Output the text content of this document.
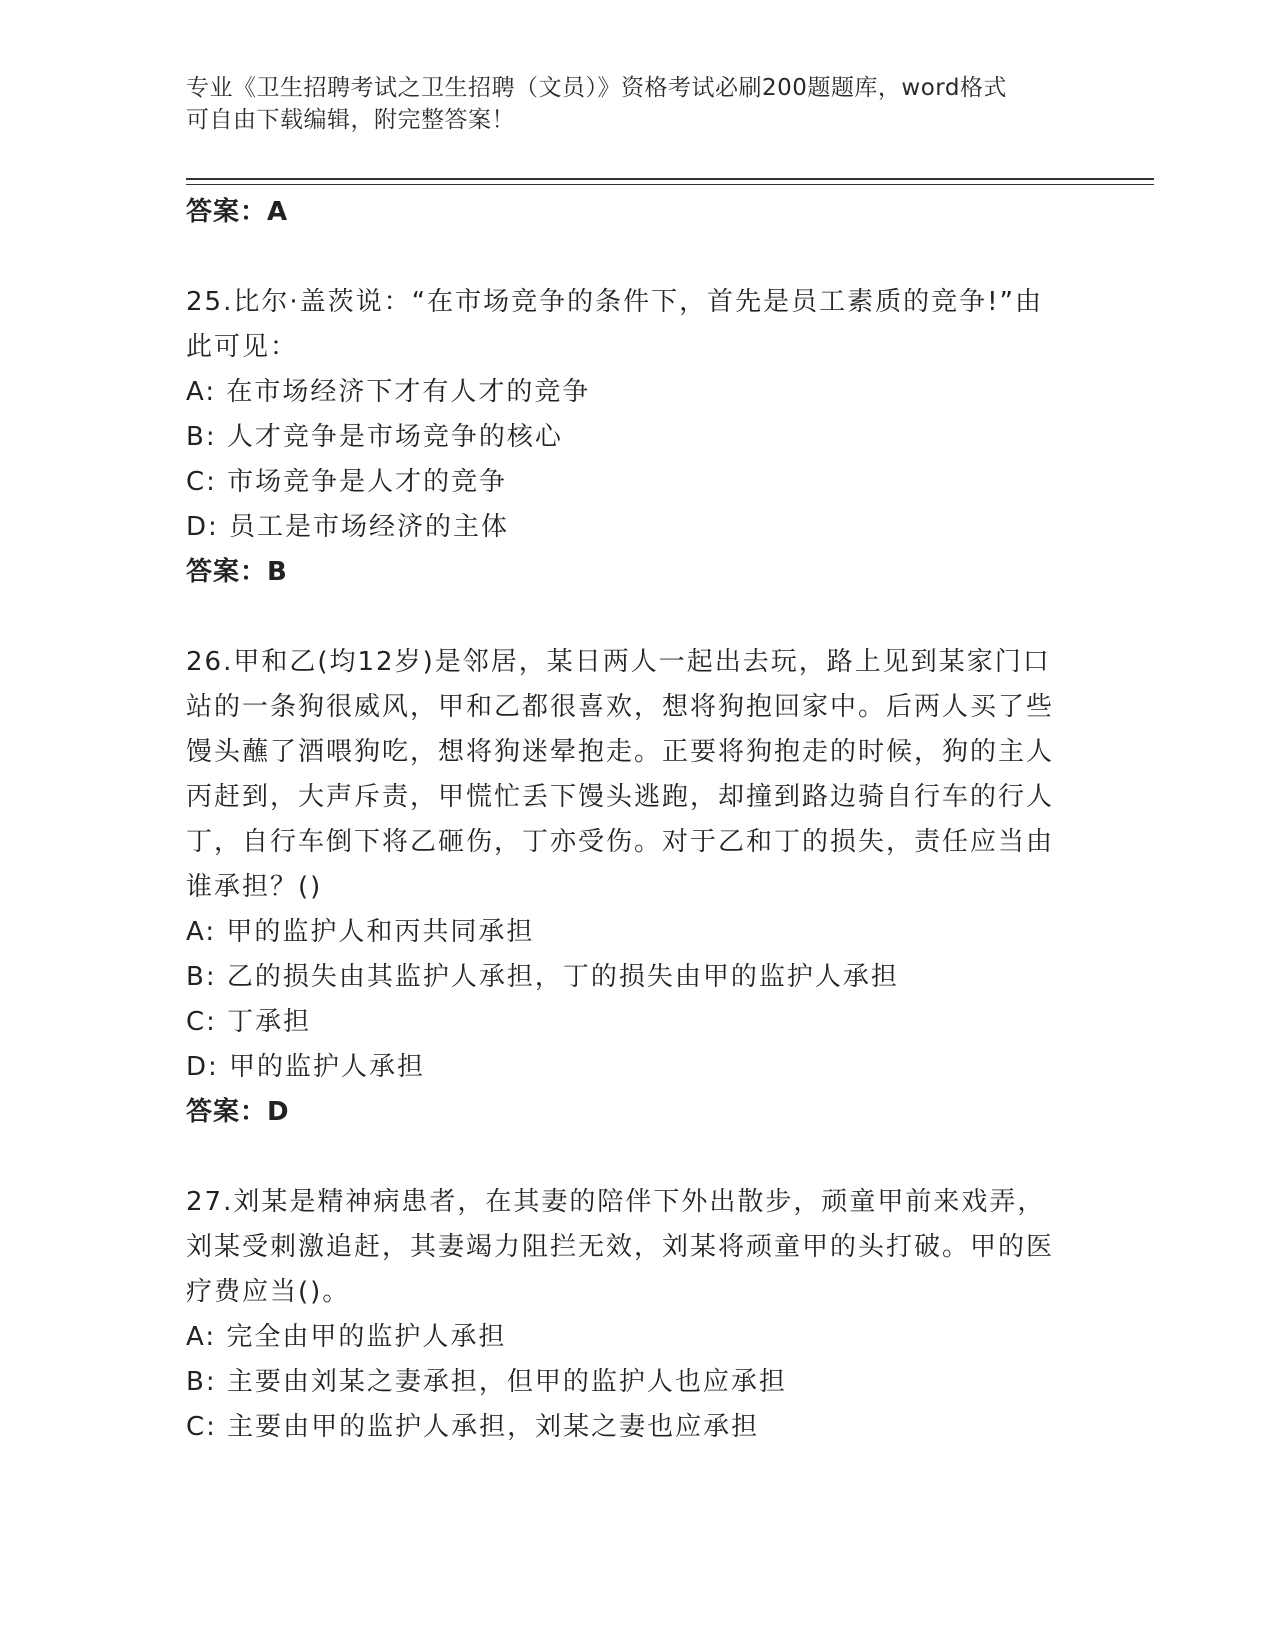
专业《卫生招聘考试之卫生招聘（文员）》资格考试必刷200题题库，word格式
可自由下载编辑，附完整答案！

答案：A

25.比尔·盖茨说：“在市场竞争的条件下，首先是员工素质的竞争!”由此可见：

A: 在市场经济下才有人才的竞争

B: 人才竞争是市场竞争的核心

C: 市场竞争是人才的竞争

D: 员工是市场经济的主体

答案：B

26.甲和乙(均12岁)是邻居，某日两人一起出去玩，路上见到某家门口站的一条狗很威风，甲和乙都很喜欢，想将狗抱回家中。后两人买了些馒头蘸了酒喂狗吃，想将狗迷晕抱走。正要将狗抱走的时候，狗的主人丙赶到，大声斥责，甲慌忙丢下馒头逃跑，却撞到路边骑自行车的行人丁，自行车倒下将乙砸伤，丁亦受伤。对于乙和丁的损失，责任应当由谁承担？()

A: 甲的监护人和丙共同承担

B: 乙的损失由其监护人承担，丁的损失由甲的监护人承担

C: 丁承担

D: 甲的监护人承担

答案：D

27.刘某是精神病患者，在其妻的陪伴下外出散步，顽童甲前来戏弄，刘某受刺激追赶，其妻竭力阻拦无效，刘某将顽童甲的头打破。甲的医疗费应当()。

A: 完全由甲的监护人承担

B: 主要由刘某之妻承担，但甲的监护人也应承担

C: 主要由甲的监护人承担，刘某之妻也应承担
